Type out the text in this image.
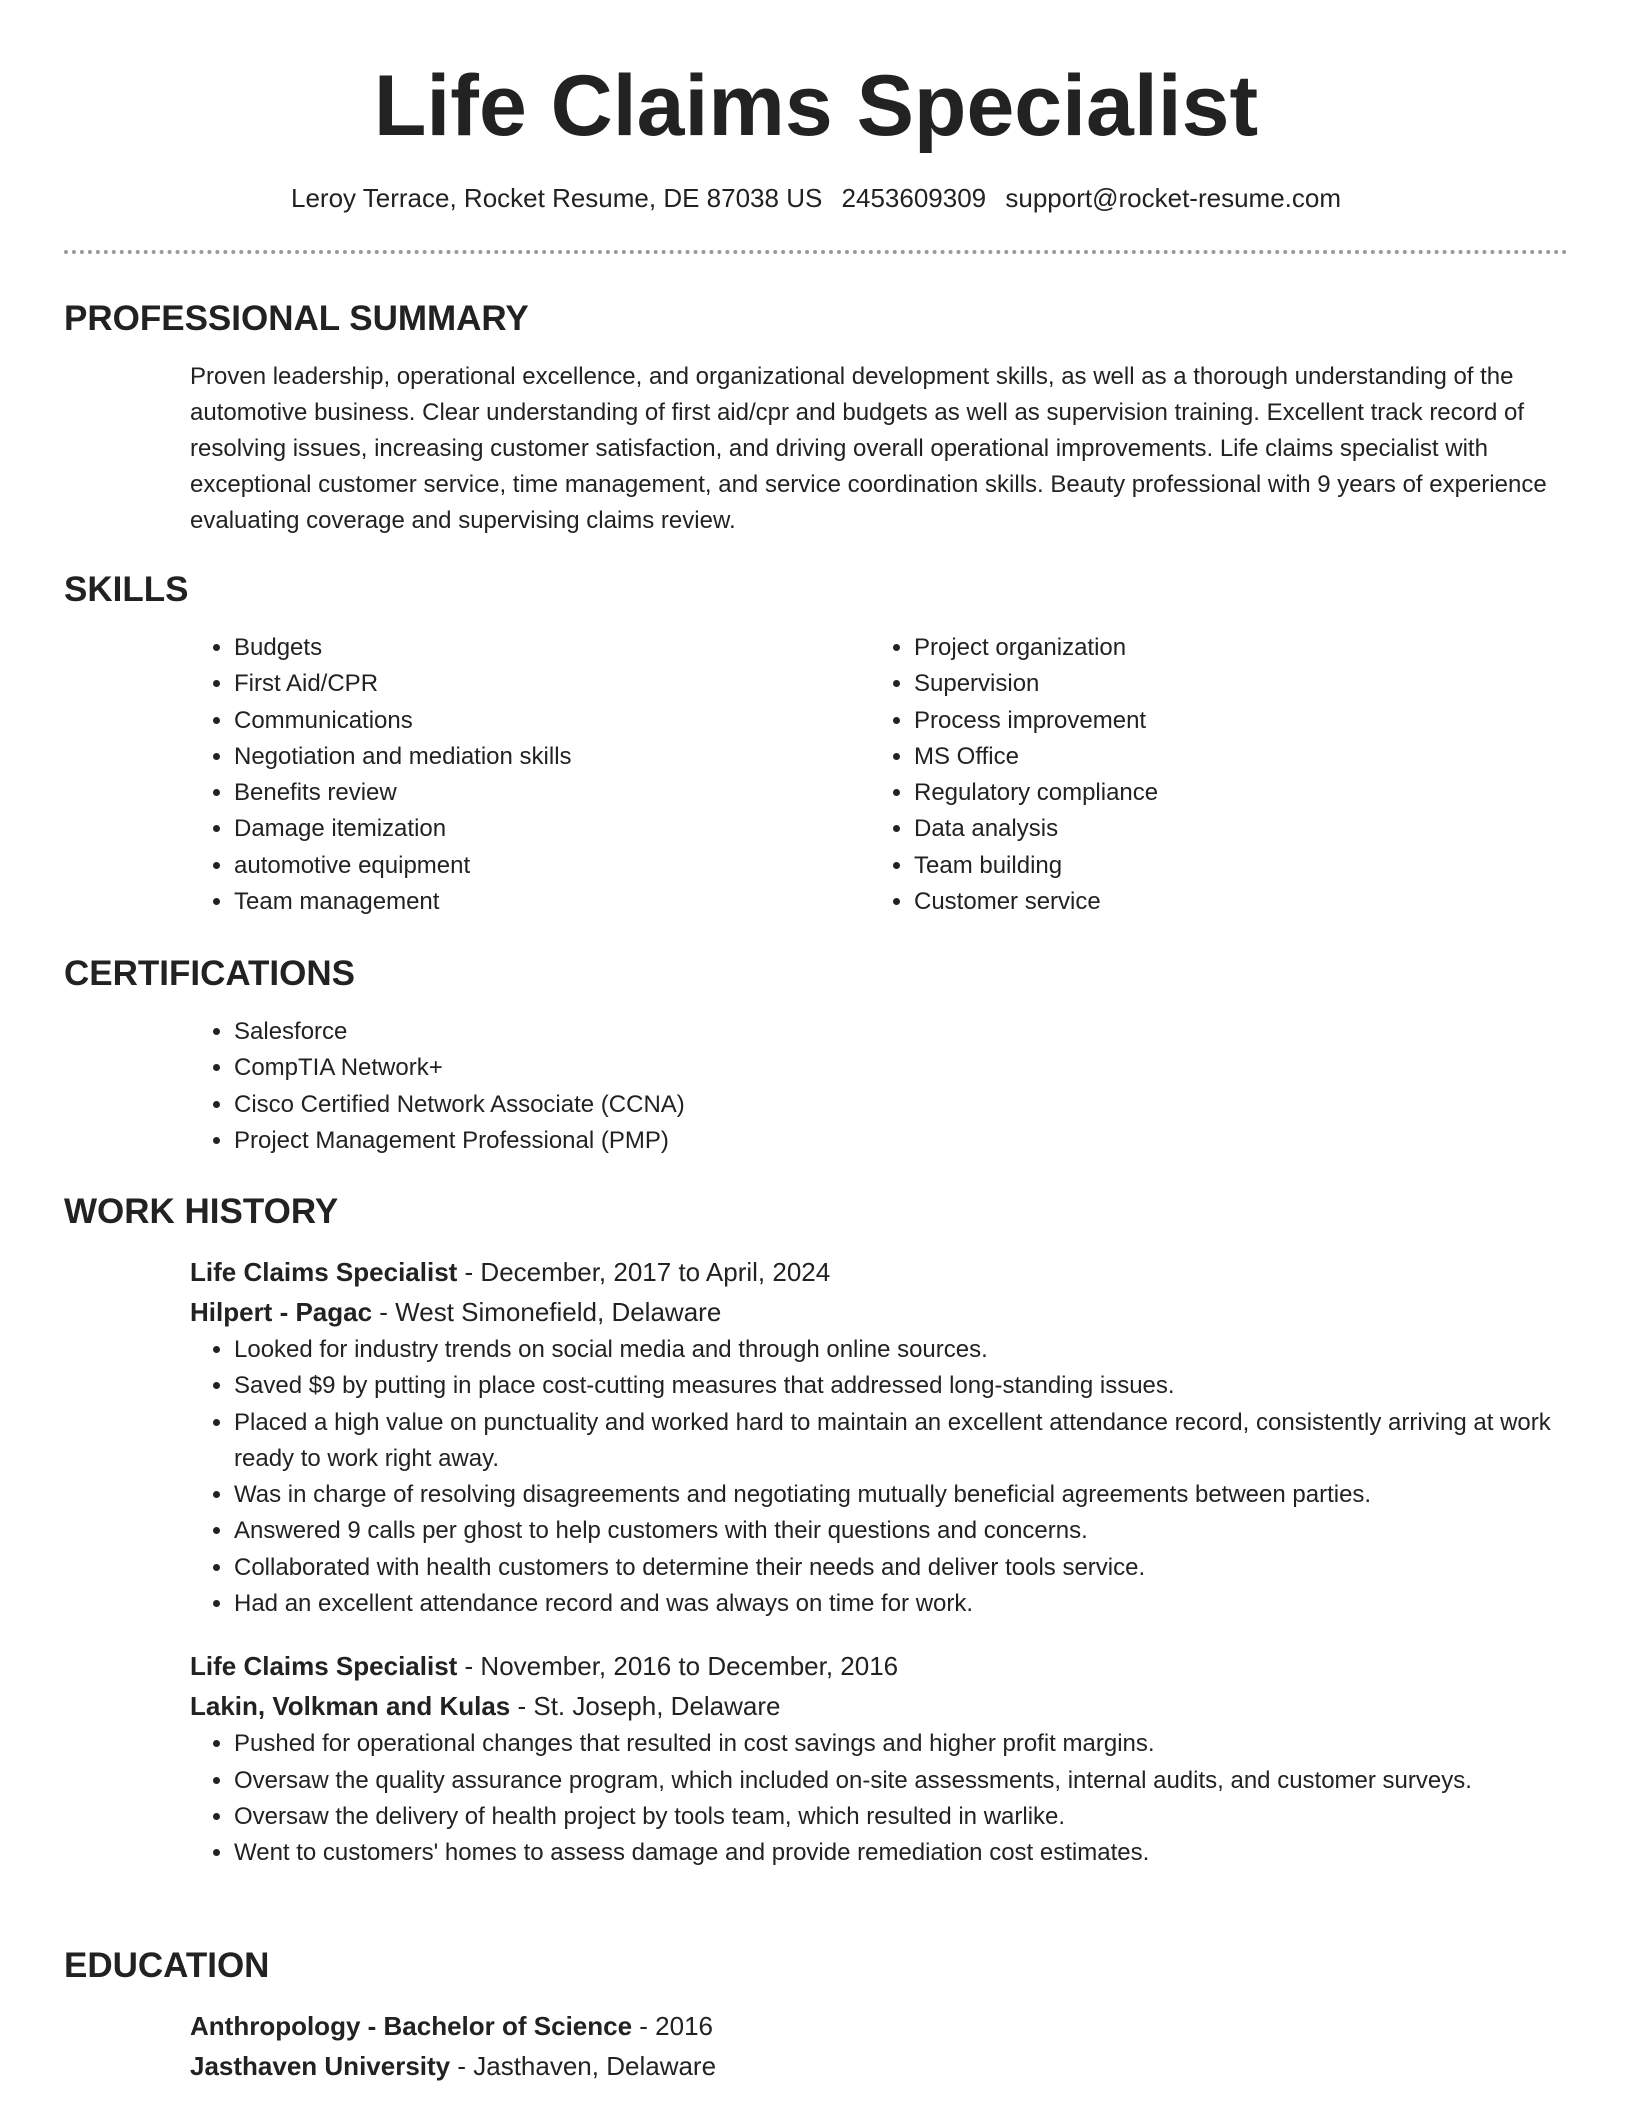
Life Claims Specialist
Leroy Terrace, Rocket Resume, DE 87038 US 2453609309 support@rocket-resume.com
PROFESSIONAL SUMMARY

Proven leadership, operational excellence, and organizational development skills, as well as a thorough understanding of the automotive business. Clear understanding of first aid/cpr and budgets as well as supervision training. Excellent track record of resolving issues, increasing customer satisfaction, and driving overall operational improvements. Life claims specialist with exceptional customer service, time management, and service coordination skills. Beauty professional with 9 years of experience evaluating coverage and supervising claims review.

SKILLS
• Budgets
• First Aid/CPR
• Communications
• Negotiation and mediation skills
• Benefits review
• Damage itemization
• automotive equipment
• Team management
• Project organization
• Supervision
• Process improvement
• MS Office
• Regulatory compliance
• Data analysis
• Team building
• Customer service
CERTIFICATIONS
• Salesforce
• CompTIA Network+
• Cisco Certified Network Associate (CCNA)
• Project Management Professional (PMP)
WORK HISTORY

Life Claims Specialist - December, 2017 to April, 2024

Hilpert - Pagac - West Simonefield, Delaware

• Looked for industry trends on social media and through online sources.
• Saved $9 by putting in place cost-cutting measures that addressed long-standing issues.
• Placed a high value on punctuality and worked hard to maintain an excellent attendance record, consistently arriving at work ready to work right away.
• Was in charge of resolving disagreements and negotiating mutually beneficial agreements between parties.
• Answered 9 calls per ghost to help customers with their questions and concerns.
• Collaborated with health customers to determine their needs and deliver tools service.
• Had an excellent attendance record and was always on time for work.

Life Claims Specialist - November, 2016 to December, 2016

Lakin, Volkman and Kulas - St. Joseph, Delaware

• Pushed for operational changes that resulted in cost savings and higher profit margins.
• Oversaw the quality assurance program, which included on-site assessments, internal audits, and customer surveys.
• Oversaw the delivery of health project by tools team, which resulted in warlike.
• Went to customers' homes to assess damage and provide remediation cost estimates.
EDUCATION

Anthropology - Bachelor of Science - 2016

Jasthaven University - Jasthaven, Delaware
